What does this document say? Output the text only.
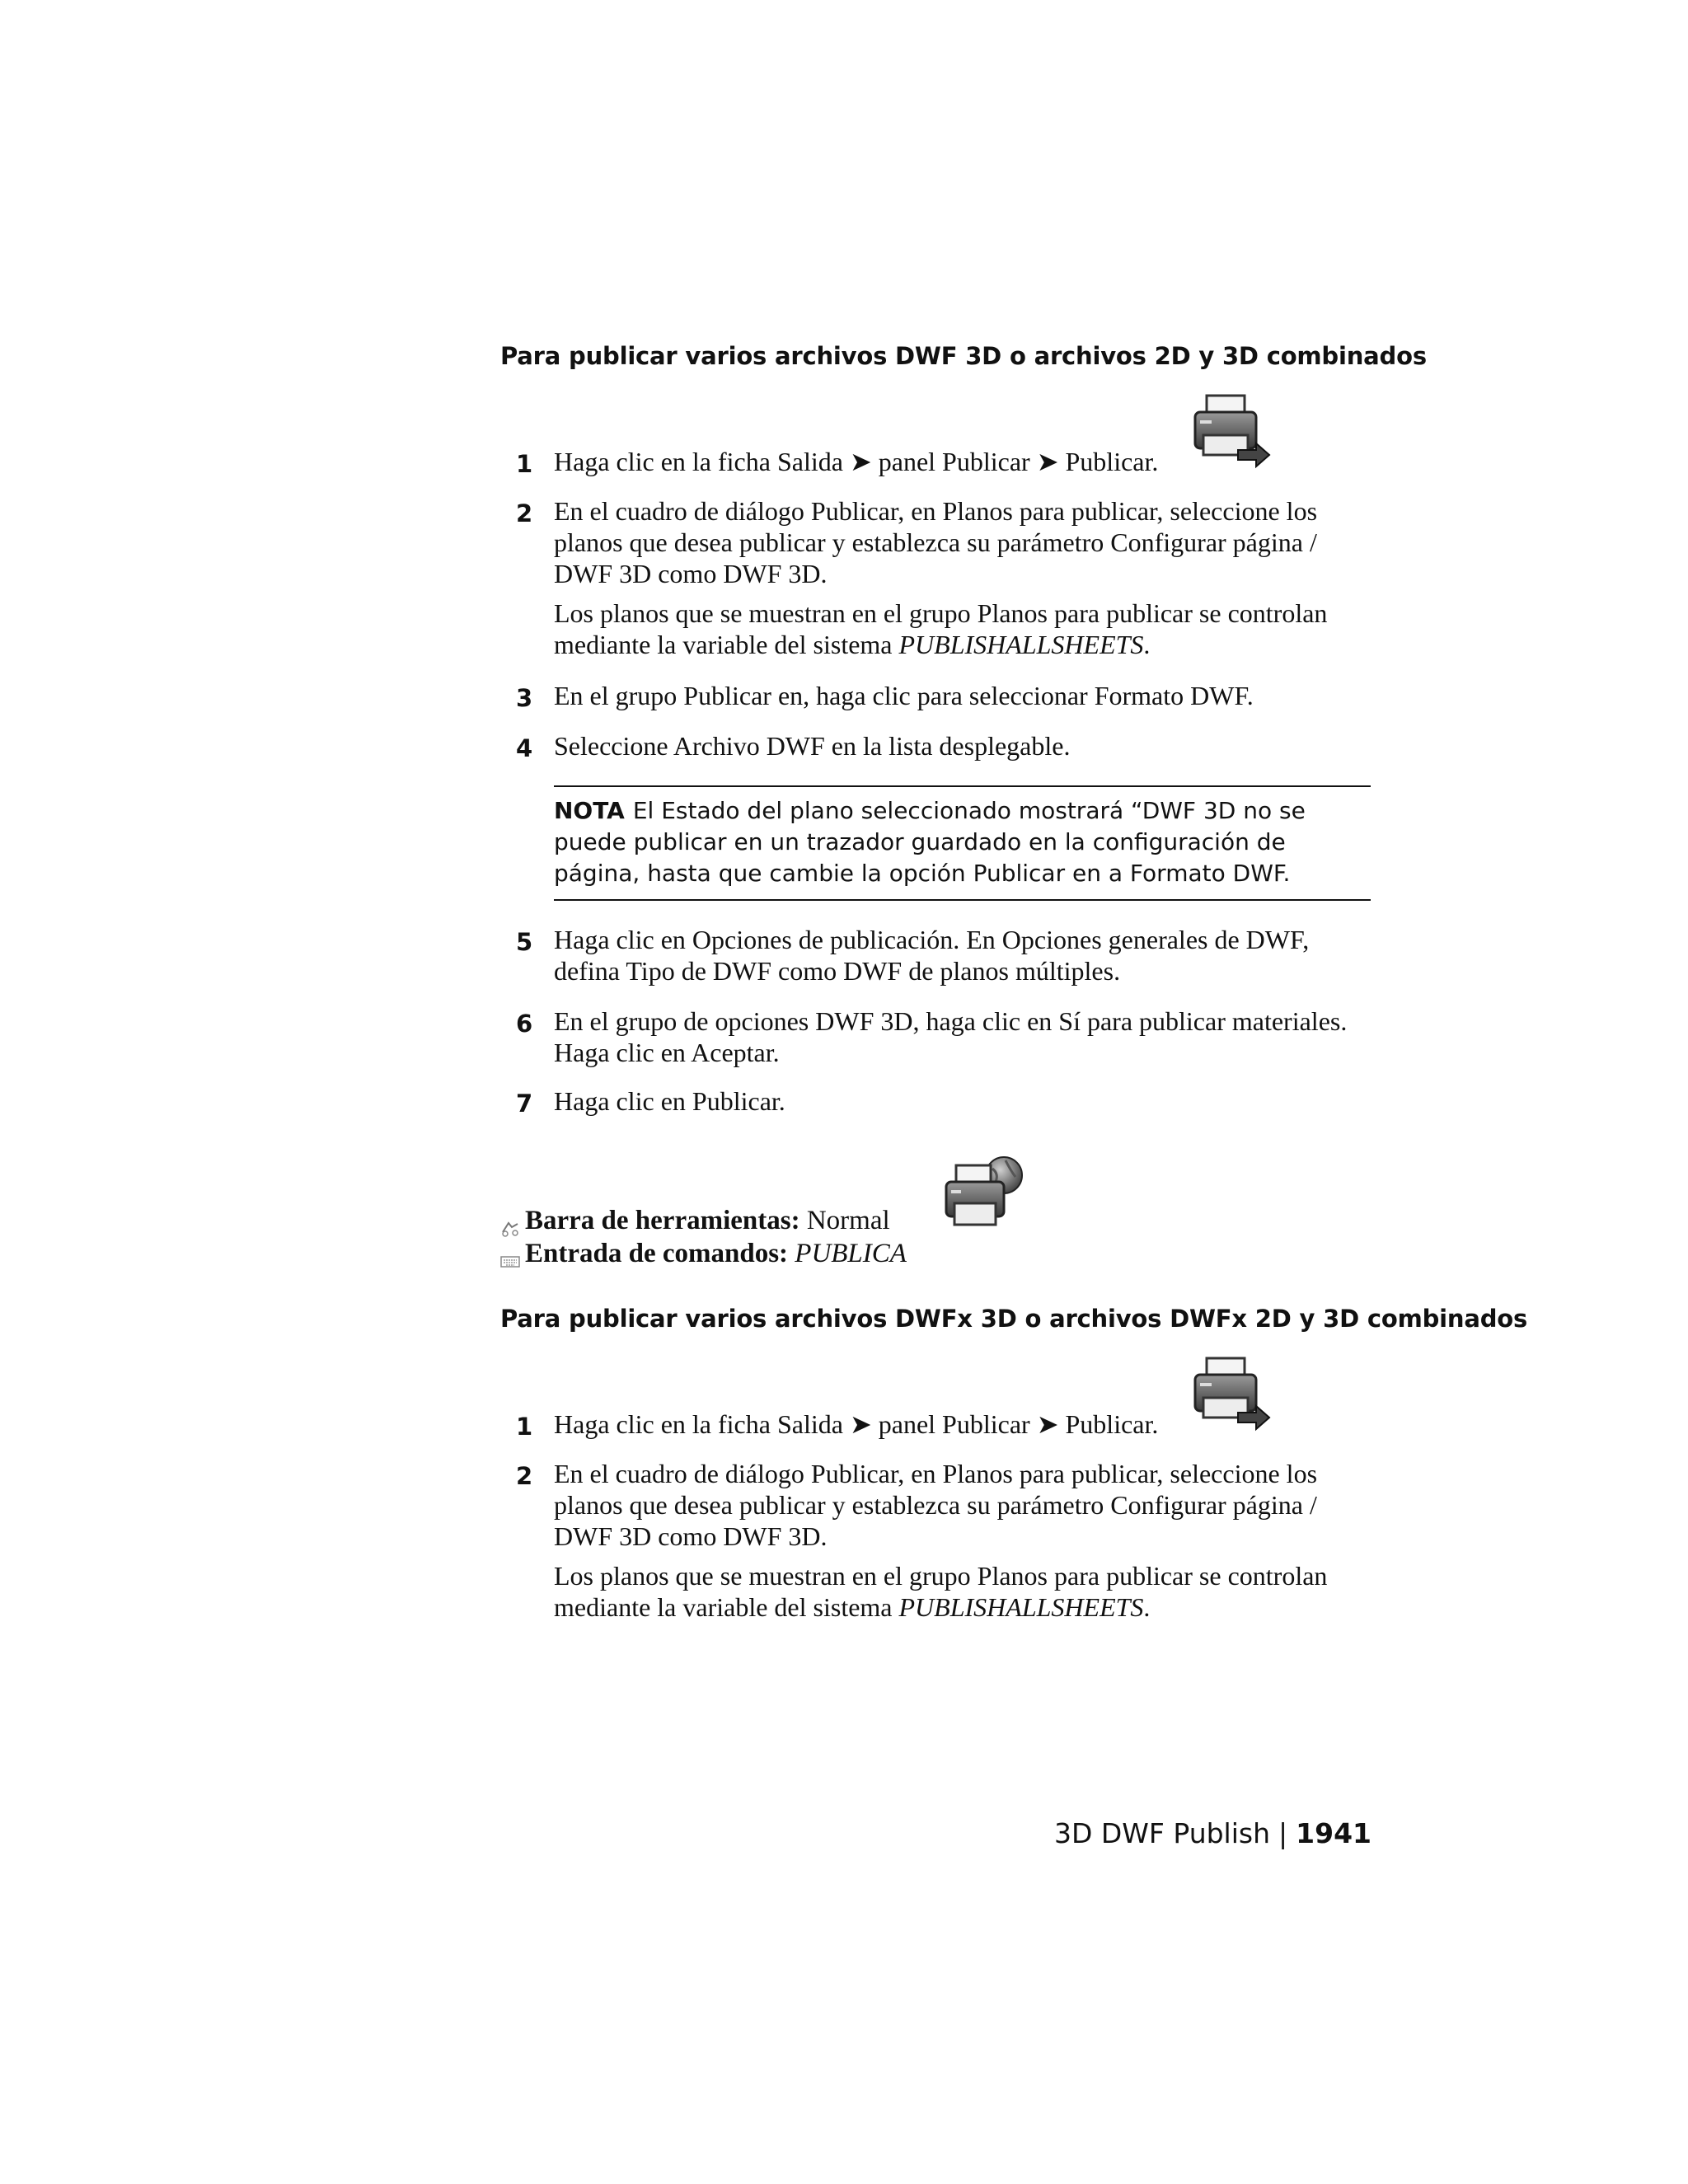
Para publicar varios archivos DWF 3D o archivos 2D y 3D combinados
1 Haga clic en la ficha Salida ➤ panel Publicar ➤ Publicar.
2 En el cuadro de diálogo Publicar, en Planos para publicar, seleccione los planos que desea publicar y establezca su parámetro Configurar página / DWF 3D como DWF 3D.
Los planos que se muestran en el grupo Planos para publicar se controlan mediante la variable del sistema PUBLISHALLSHEETS.
3 En el grupo Publicar en, haga clic para seleccionar Formato DWF.
4 Seleccione Archivo DWF en la lista desplegable.
NOTA El Estado del plano seleccionado mostrará “DWF 3D no se puede publicar en un trazador guardado en la configuración de página, hasta que cambie la opción Publicar en a Formato DWF.
5 Haga clic en Opciones de publicación. En Opciones generales de DWF, defina Tipo de DWF como DWF de planos múltiples.
6 En el grupo de opciones DWF 3D, haga clic en Sí para publicar materiales. Haga clic en Aceptar.
7 Haga clic en Publicar.
Barra de herramientas: Normal
Entrada de comandos: PUBLICA
Para publicar varios archivos DWFx 3D o archivos DWFx 2D y 3D combinados
1 Haga clic en la ficha Salida ➤ panel Publicar ➤ Publicar.
2 En el cuadro de diálogo Publicar, en Planos para publicar, seleccione los planos que desea publicar y establezca su parámetro Configurar página / DWF 3D como DWF 3D.
Los planos que se muestran en el grupo Planos para publicar se controlan mediante la variable del sistema PUBLISHALLSHEETS.
3D DWF Publish | 1941
